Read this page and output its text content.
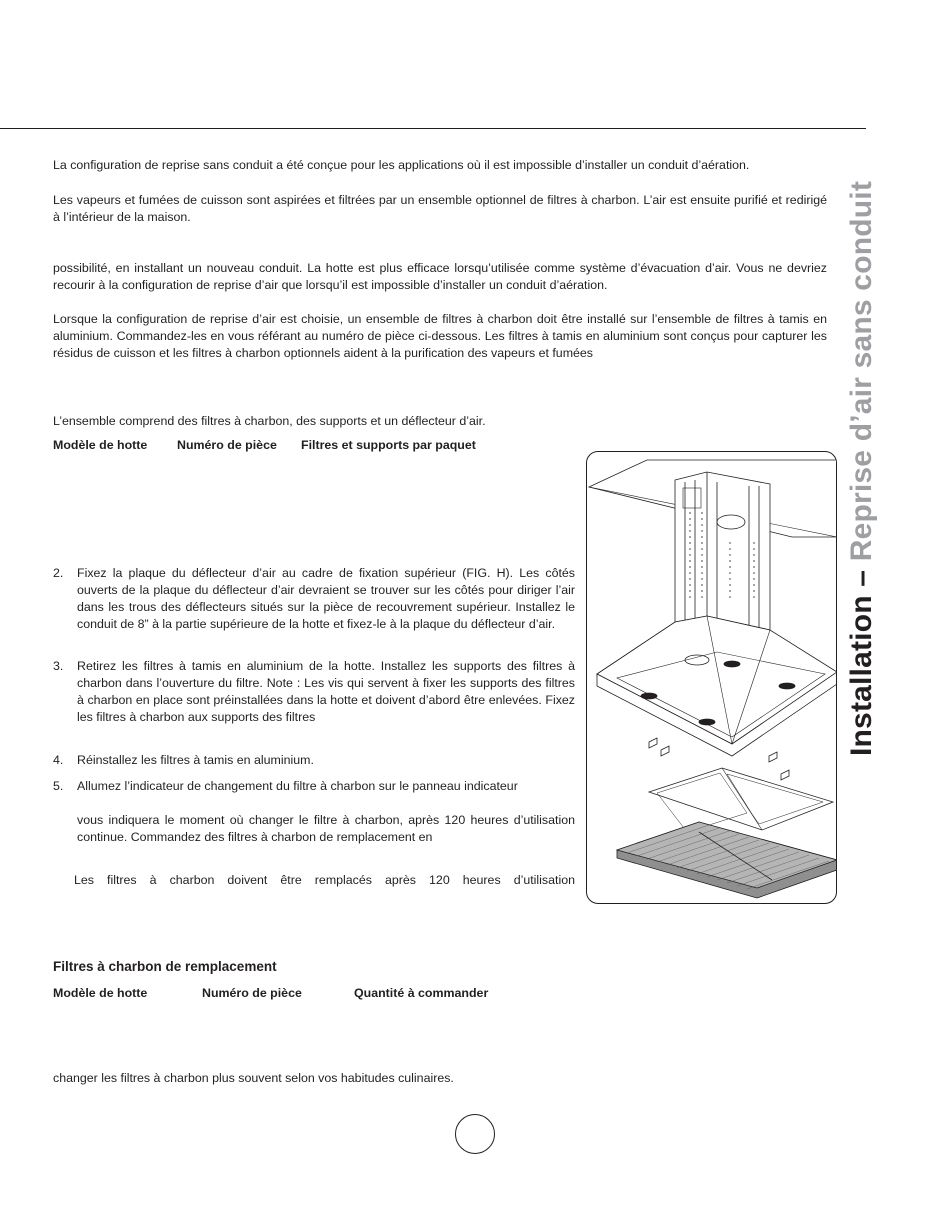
La configuration de reprise sans conduit a été conçue pour les applications où il est impossible d’installer un conduit d’aération.

Les vapeurs et fumées de cuisson sont aspirées et filtrées par un ensemble optionnel de filtres à charbon. L’air est ensuite purifié et redirigé à l’intérieur de la maison.

possibilité, en installant un nouveau conduit. La hotte est plus efficace lorsqu’utilisée comme système d’évacuation d’air. Vous ne devriez recourir à la configuration de reprise d’air que lorsqu’il est impossible d’installer un conduit d’aération.

Lorsque la configuration de reprise d’air est choisie, un ensemble de filtres à charbon doit être installé sur l’ensemble de filtres à tamis en aluminium. Commandez-les en vous référant au numéro de pièce ci-dessous. Les filtres à tamis en aluminium sont conçus pour capturer les résidus de cuisson et les filtres à charbon optionnels aident à la purification des vapeurs et fumées

L’ensemble comprend des filtres à charbon, des supports et un déflecteur d’air.

Modèle de hotte Numéro de pièce Filtres et supports par paquet
2. Fixez la plaque du déflecteur d’air au cadre de fixation supérieur (FIG. H). Les côtés ouverts de la plaque du déflecteur d’air devraient se trouver sur les côtés pour diriger l’air dans les trous des déflecteurs situés sur la pièce de recouvrement supérieur. Installez le conduit de 8” à la partie supérieure de la hotte et fixez-le à la plaque du déflecteur d’air.
3. Retirez les filtres à tamis en aluminium de la hotte. Installez les supports des filtres à charbon dans l’ouverture du filtre. Note : Les vis qui servent à fixer les supports des filtres à charbon en place sont préinstallées dans la hotte et doivent d’abord être enlevées. Fixez les filtres à charbon aux supports des filtres
4. Réinstallez les filtres à tamis en aluminium.
5. Allumez l’indicateur de changement du filtre à charbon sur le panneau indicateur

vous indiquera le moment où changer le filtre à charbon, après 120 heures d’utilisation continue. Commandez des filtres à charbon de remplacement en

Les filtres à charbon doivent être remplacés après 120 heures d’utilisation

Filtres à charbon de remplacement
Modèle de hotte	Numéro de pièce	Quantité à commander

changer les filtres à charbon plus souvent selon vos habitudes culinaires.

Installation – Reprise d’air sans conduit
